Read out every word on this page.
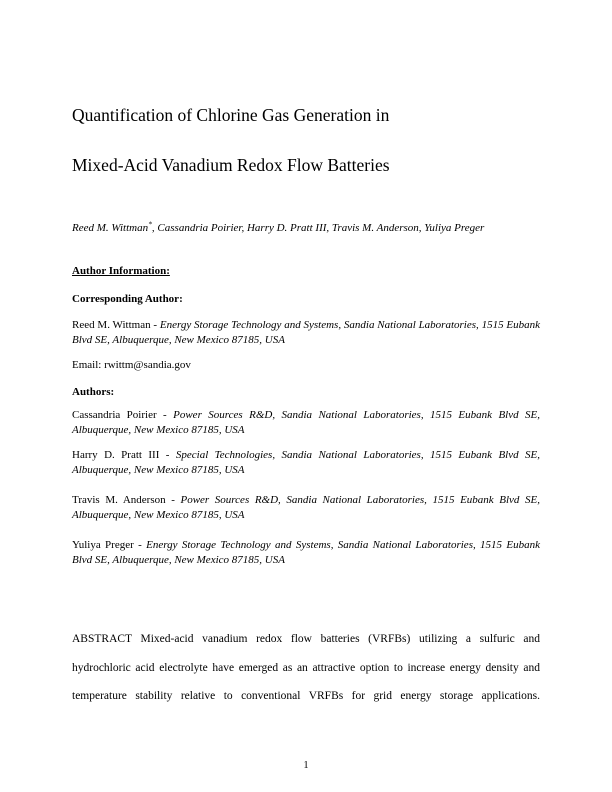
Quantification of Chlorine Gas Generation in

Mixed-Acid Vanadium Redox Flow Batteries

Reed M. Wittman*, Cassandria Poirier, Harry D. Pratt III, Travis M. Anderson, Yuliya Preger

Author Information:

Corresponding Author:

Reed M. Wittman - Energy Storage Technology and Systems, Sandia National Laboratories, 1515 Eubank Blvd SE, Albuquerque, New Mexico 87185, USA

Email: rwittm@sandia.gov

Authors:

Cassandria Poirier - Power Sources R&D, Sandia National Laboratories, 1515 Eubank Blvd SE, Albuquerque, New Mexico 87185, USA

Harry D. Pratt III - Special Technologies, Sandia National Laboratories, 1515 Eubank Blvd SE, Albuquerque, New Mexico 87185, USA

Travis M. Anderson - Power Sources R&D, Sandia National Laboratories, 1515 Eubank Blvd SE, Albuquerque, New Mexico 87185, USA

Yuliya Preger - Energy Storage Technology and Systems, Sandia National Laboratories, 1515 Eubank Blvd SE, Albuquerque, New Mexico 87185, USA

ABSTRACT Mixed-acid vanadium redox flow batteries (VRFBs) utilizing a sulfuric and

hydrochloric acid electrolyte have emerged as an attractive option to increase energy density and

temperature stability relative to conventional VRFBs for grid energy storage applications.

1
